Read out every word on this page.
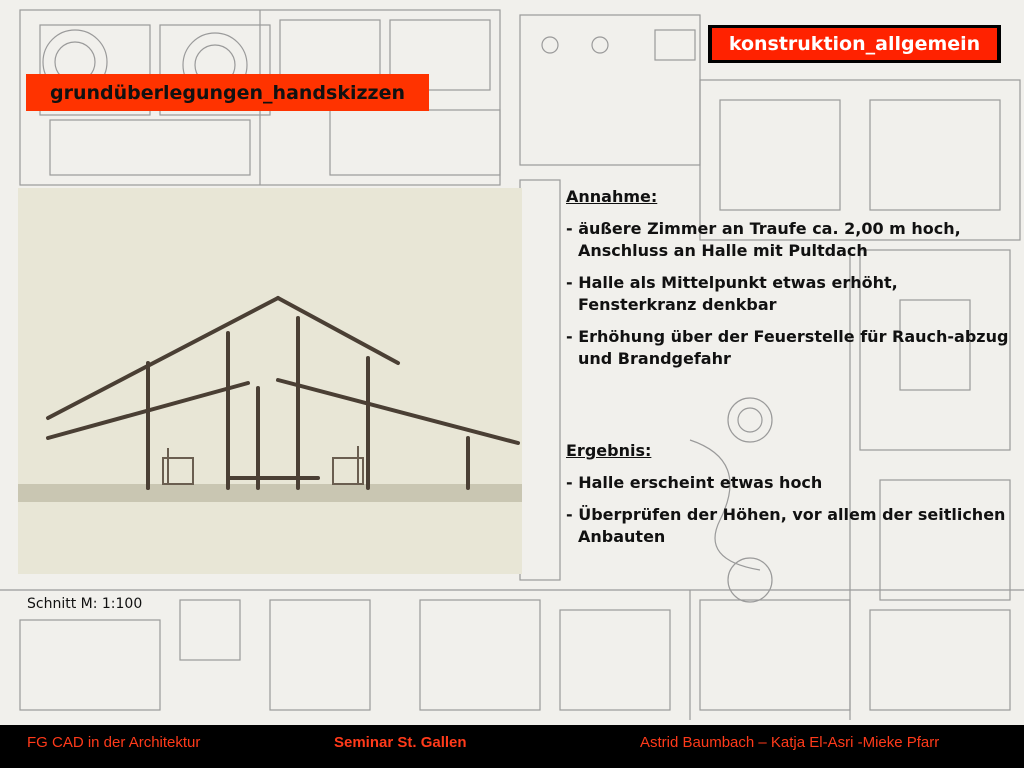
konstruktion_allgemein
grundüberlegungen_handskizzen
Schnitt M: 1:100
Annahme:
- äußere Zimmer an Traufe ca. 2,00 m hoch, Anschluss an Halle mit Pultdach
- Halle als Mittelpunkt etwas erhöht, Fensterkranz denkbar
- Erhöhung über der Feuerstelle für Rauch-abzug und Brandgefahr
Ergebnis:
- Halle erscheint etwas hoch
- Überprüfen der Höhen, vor allem der seitlichen Anbauten
FG CAD in der Architektur	Seminar St. Gallen	Astrid Baumbach – Katja El-Asri -Mieke Pfarr
